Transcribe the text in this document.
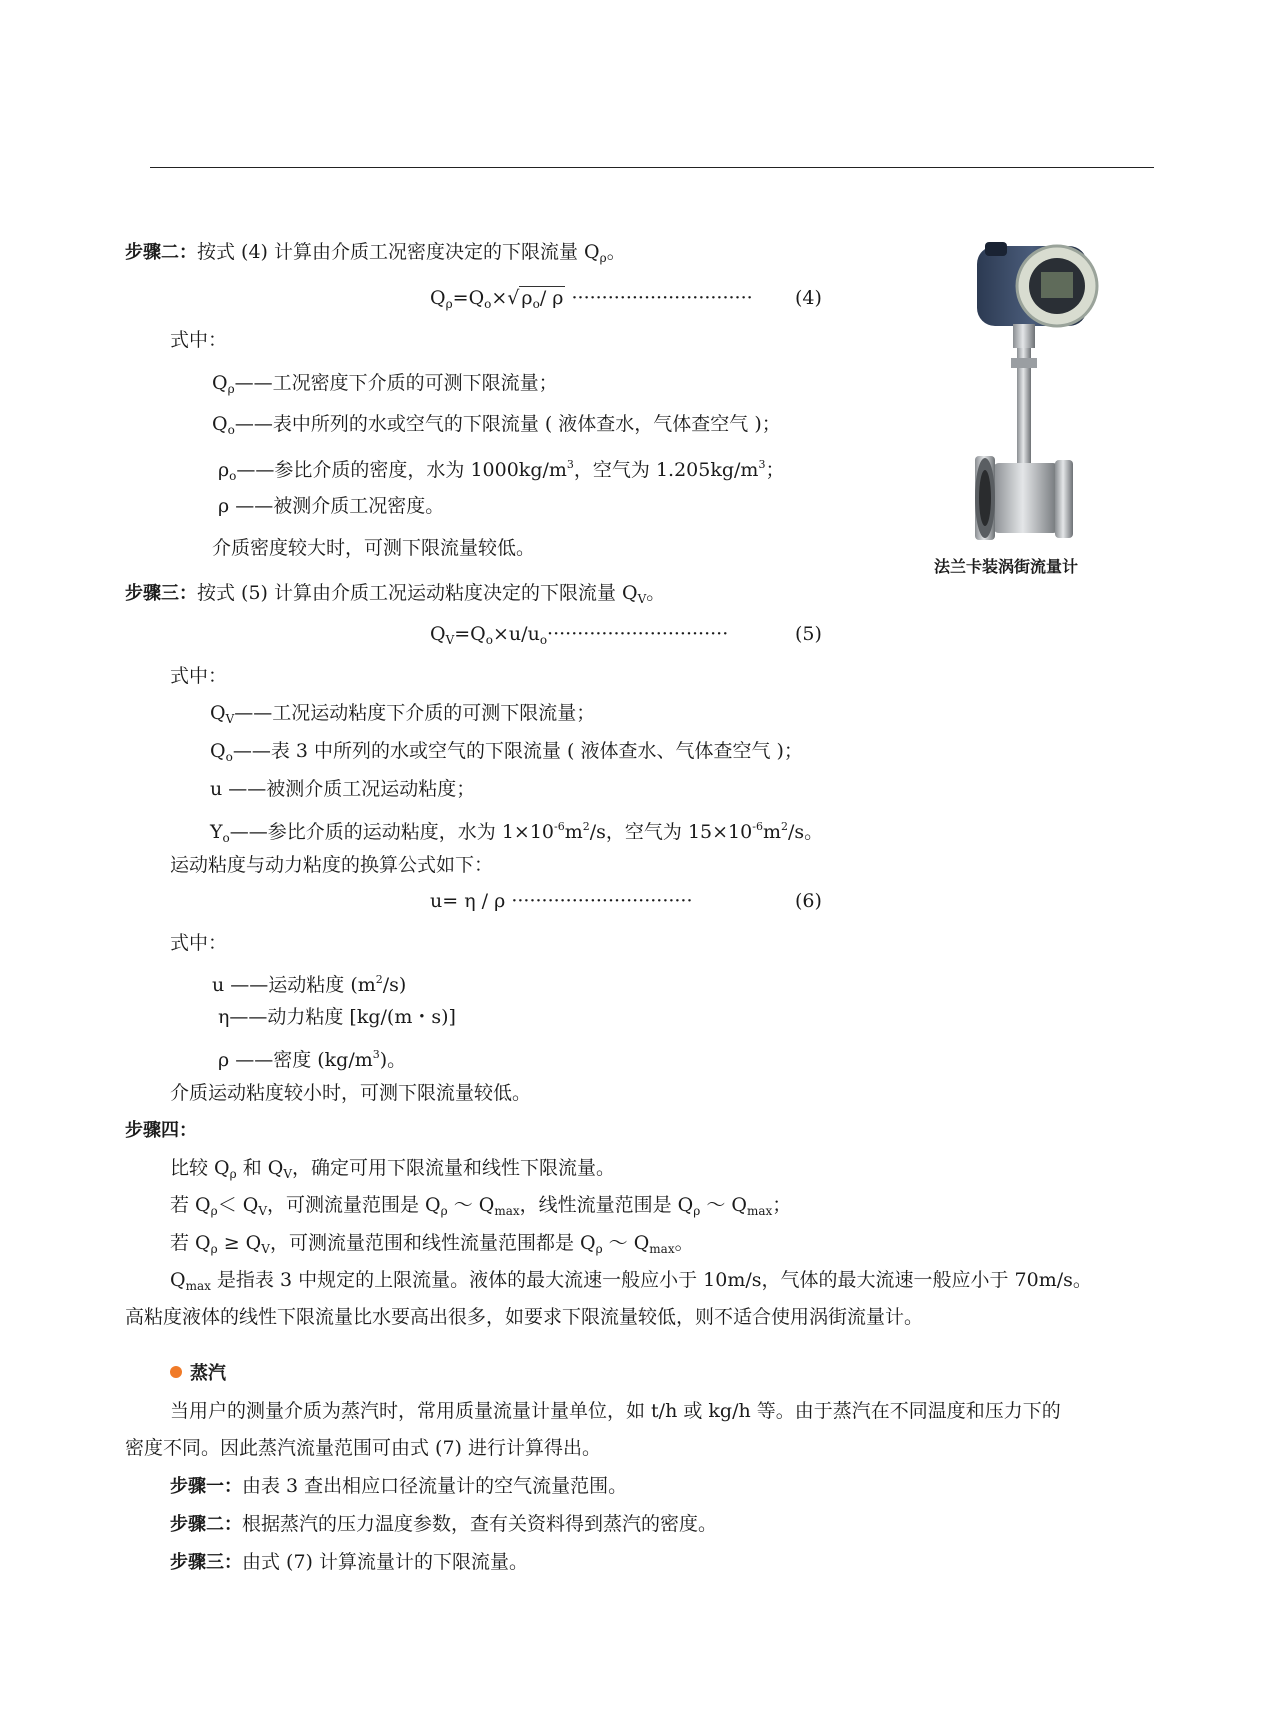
法兰卡装涡街流量计
步骤二：按式 (4) 计算由介质工况密度决定的下限流量 $Q_\rho$。
$Q_\rho=Q_o\times√$ $\rho_o/$ ρ ······························ (4)
式中：
$Q_\rho——$工况密度下介质的可测下限流量；
$Q_o——$表中所列的水或空气的下限流量 ( 液体查水，气体查空气 )；
$\rho_o——$参比介质的密度，水为 $1000kg/m^3$，空气为 $1.205kg/m^3$；
ρ ——被测介质工况密度。
介质密度较大时，可测下限流量较低。
步骤三：按式 (5) 计算由介质工况运动粘度决定的下限流量 $Q_V$。
$Q_V=Q_o\times u/u_o\cdot\cdot\cdot\cdot\cdot\cdot\cdot\cdot\cdot\cdot\cdot\cdot\cdot\cdot\cdot\cdot\cdot\cdot\cdot\cdot\cdot\cdot\cdot\cdot\cdot\cdot\cdot\cdot\cdot\cdot$	(5)
式中：
$Q_V——$工况运动粘度下介质的可测下限流量；
$Q_o——$表 3 中所列的水或空气的下限流量 ( 液体查水、气体查空气 )；
u ——被测介质工况运动粘度；
$Y_o——$参比介质的运动粘度，水为 $1\times 10^{-6}m^2/s$，空气为 $15\times 10^{-6}m^2/s$。
运动粘度与动力粘度的换算公式如下：
u= η / ρ ······························	(6)
式中：
u ——运动粘度 $(m^2/s)$
η——动力粘度 [kg/(m・s)]
ρ ——密度 $(kg/m^3)$。
介质运动粘度较小时，可测下限流量较低。
步骤四：
比较 $Q_\rho$ 和 $Q_V$，确定可用下限流量和线性下限流量。
若 $Q_\rho< Q_V$，可测流量范围是 $Q_\rho$ ～ $Q_{max}$，线性流量范围是 $Q_\rho$ ～ $Q_{max}$；
若 $Q_\rho \ge Q_V$，可测流量范围和线性流量范围都是 $Q_\rho$ ～ $Q_{max}$。
$Q_{max}$ 是指表 3 中规定的上限流量。液体的最大流速一般应小于 10m/s，气体的最大流速一般应小于 70m/s。
高粘度液体的线性下限流量比水要高出很多，如要求下限流量较低，则不适合使用涡街流量计。
蒸汽
当用户的测量介质为蒸汽时，常用质量流量计量单位，如 t/h 或 kg/h 等。由于蒸汽在不同温度和压力下的
密度不同。因此蒸汽流量范围可由式 (7) 进行计算得出。
步骤一：由表 3 查出相应口径流量计的空气流量范围。
步骤二：根据蒸汽的压力温度参数，查有关资料得到蒸汽的密度。
步骤三：由式 (7) 计算流量计的下限流量。
